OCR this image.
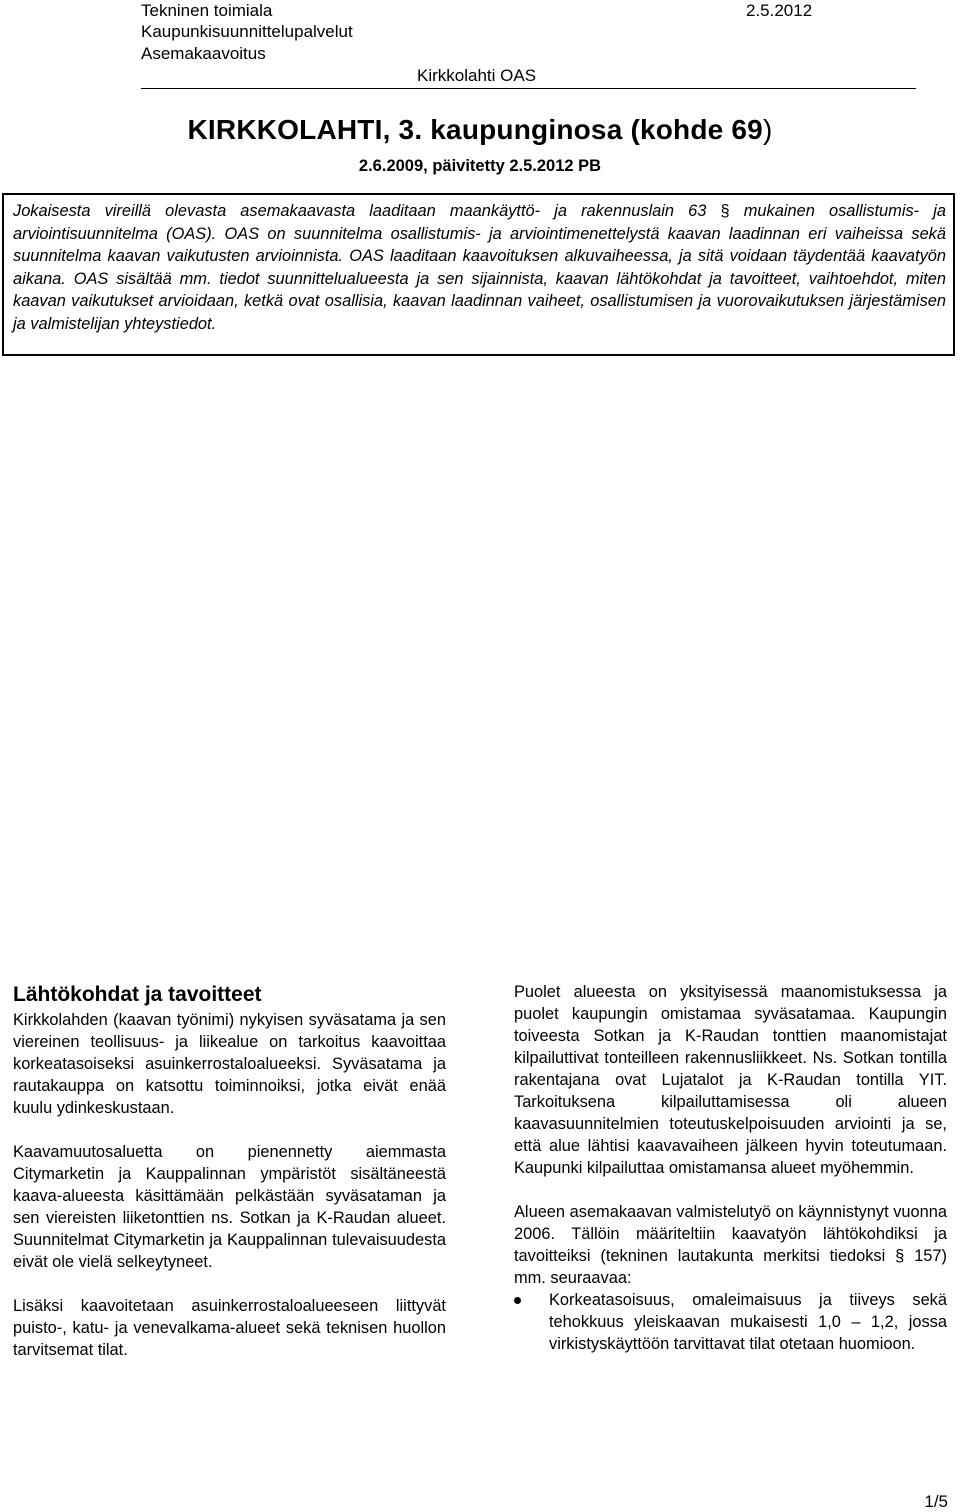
Tekninen toimiala
Kaupunkisuunnittelupalvelut
Asemakaavoitus
Kirkkolahti OAS
2.5.2012
KIRKKOLAHTI, 3. kaupunginosa (kohde 69)
2.6.2009, päivitetty 2.5.2012 PB

Jokaisesta vireillä olevasta asemakaavasta laaditaan maankäyttö- ja rakennuslain 63 § mukainen osallistumis- ja arviointisuunnitelma (OAS). OAS on suunnitelma osallistumis- ja arviointimenettelystä kaavan laadinnan eri vaiheissa sekä suunnitelma kaavan vaikutusten arvioinnista. OAS laaditaan kaavoituksen alkuvaiheessa, ja sitä voidaan täydentää kaavatyön aikana. OAS sisältää mm. tiedot suunnittelualueesta ja sen sijainnista, kaavan lähtökohdat ja tavoitteet, vaihtoehdot, miten kaavan vaikutukset arvioidaan, ketkä ovat osallisia, kaavan laadinnan vaiheet, osallistumisen ja vuorovaikutuksen järjestämisen ja valmistelijan yhteystiedot.

Lähtökohdat ja tavoitteet

Kirkkolahden (kaavan työnimi) nykyisen syväsatama ja sen viereinen teollisuus- ja liikealue on tarkoitus kaavoittaa korkeatasoiseksi asuinkerrostaloalueeksi. Syväsatama ja rautakauppa on katsottu toiminnoiksi, jotka eivät enää kuulu ydinkeskustaan.

Kaavamuutosaluetta on pienennetty aiemmasta Citymarketin ja Kauppalinnan ympäristöt sisältäneestä kaava-alueesta käsittämään pelkästään syväsataman ja sen viereisten liiketonttien ns. Sotkan ja K-Raudan alueet. Suunnitelmat Citymarketin ja Kauppalinnan tulevaisuudesta eivät ole vielä selkeytyneet.

Lisäksi kaavoitetaan asuinkerrostaloalueeseen liittyvät puisto-, katu- ja venevalkama-alueet sekä teknisen huollon tarvitsemat tilat.

Puolet alueesta on yksityisessä maanomistuksessa ja puolet kaupungin omistamaa syväsatamaa. Kaupungin toiveesta Sotkan ja K-Raudan tonttien maanomistajat kilpailuttivat tonteilleen rakennusliikkeet. Ns. Sotkan tontilla rakentajana ovat Lujatalot ja K-Raudan tontilla YIT. Tarkoituksena kilpailuttamisessa oli alueen kaavasuunnitelmien toteutuskelpoisuuden arviointi ja se, että alue lähtisi kaavavaiheen jälkeen hyvin toteutumaan. Kaupunki kilpailuttaa omistamansa alueet myöhemmin.

Alueen asemakaavan valmistelutyö on käynnistynyt vuonna 2006. Tällöin määriteltiin kaavatyön lähtökohdiksi ja tavoitteiksi (tekninen lautakunta merkitsi tiedoksi § 157) mm. seuraavaa:

Korkeatasoisuus, omaleimaisuus ja tiiveys sekä tehokkuus yleiskaavan mukaisesti 1,0 – 1,2, jossa virkistyskäyttöön tarvittavat tilat otetaan huomioon.
1/5
